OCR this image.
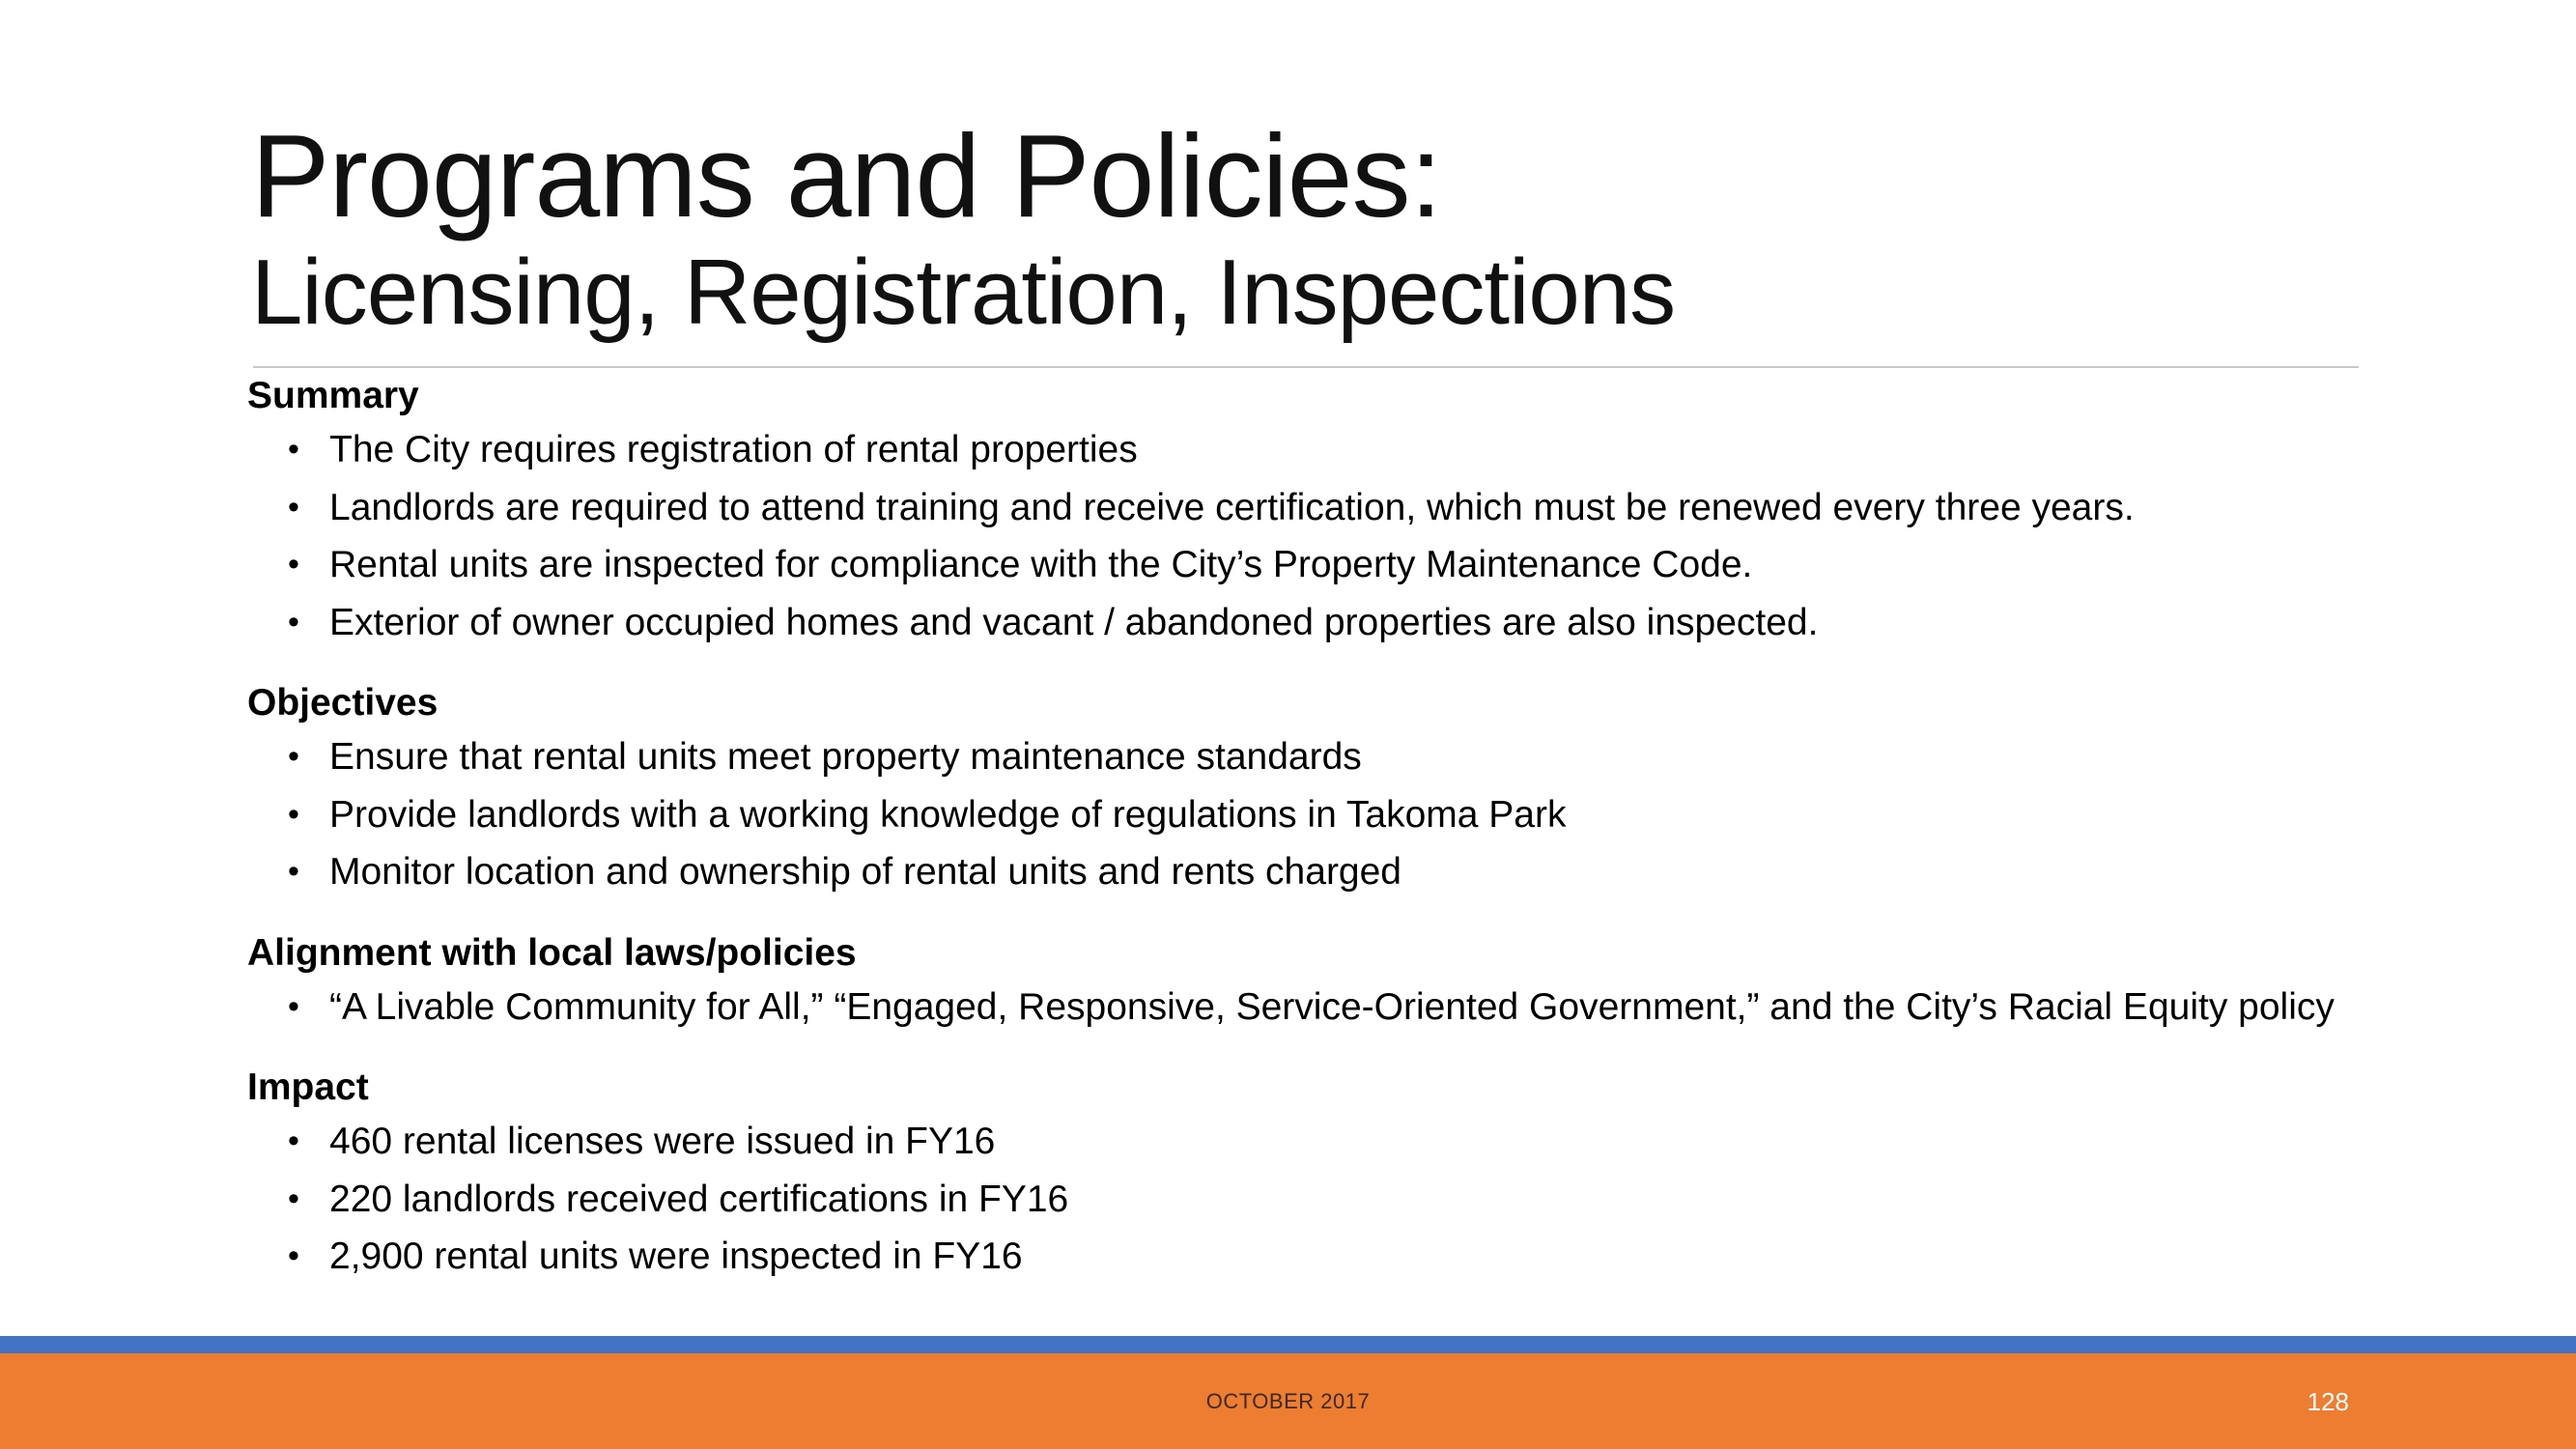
Programs and Policies:
Licensing, Registration, Inspections
Summary
• The City requires registration of rental properties
• Landlords are required to attend training and receive certification, which must be renewed every three years.
• Rental units are inspected for compliance with the City’s Property Maintenance Code.
• Exterior of owner occupied homes and vacant / abandoned properties are also inspected.
Objectives
• Ensure that rental units meet property maintenance standards
• Provide landlords with a working knowledge of regulations in Takoma Park
• Monitor location and ownership of rental units and rents charged
Alignment with local laws/policies
• “A Livable Community for All,” “Engaged, Responsive, Service-Oriented Government,” and the City’s Racial Equity policy
Impact
• 460 rental licenses were issued in FY16
• 220 landlords received certifications in FY16
• 2,900 rental units were inspected in FY16
OCTOBER 2017	128
